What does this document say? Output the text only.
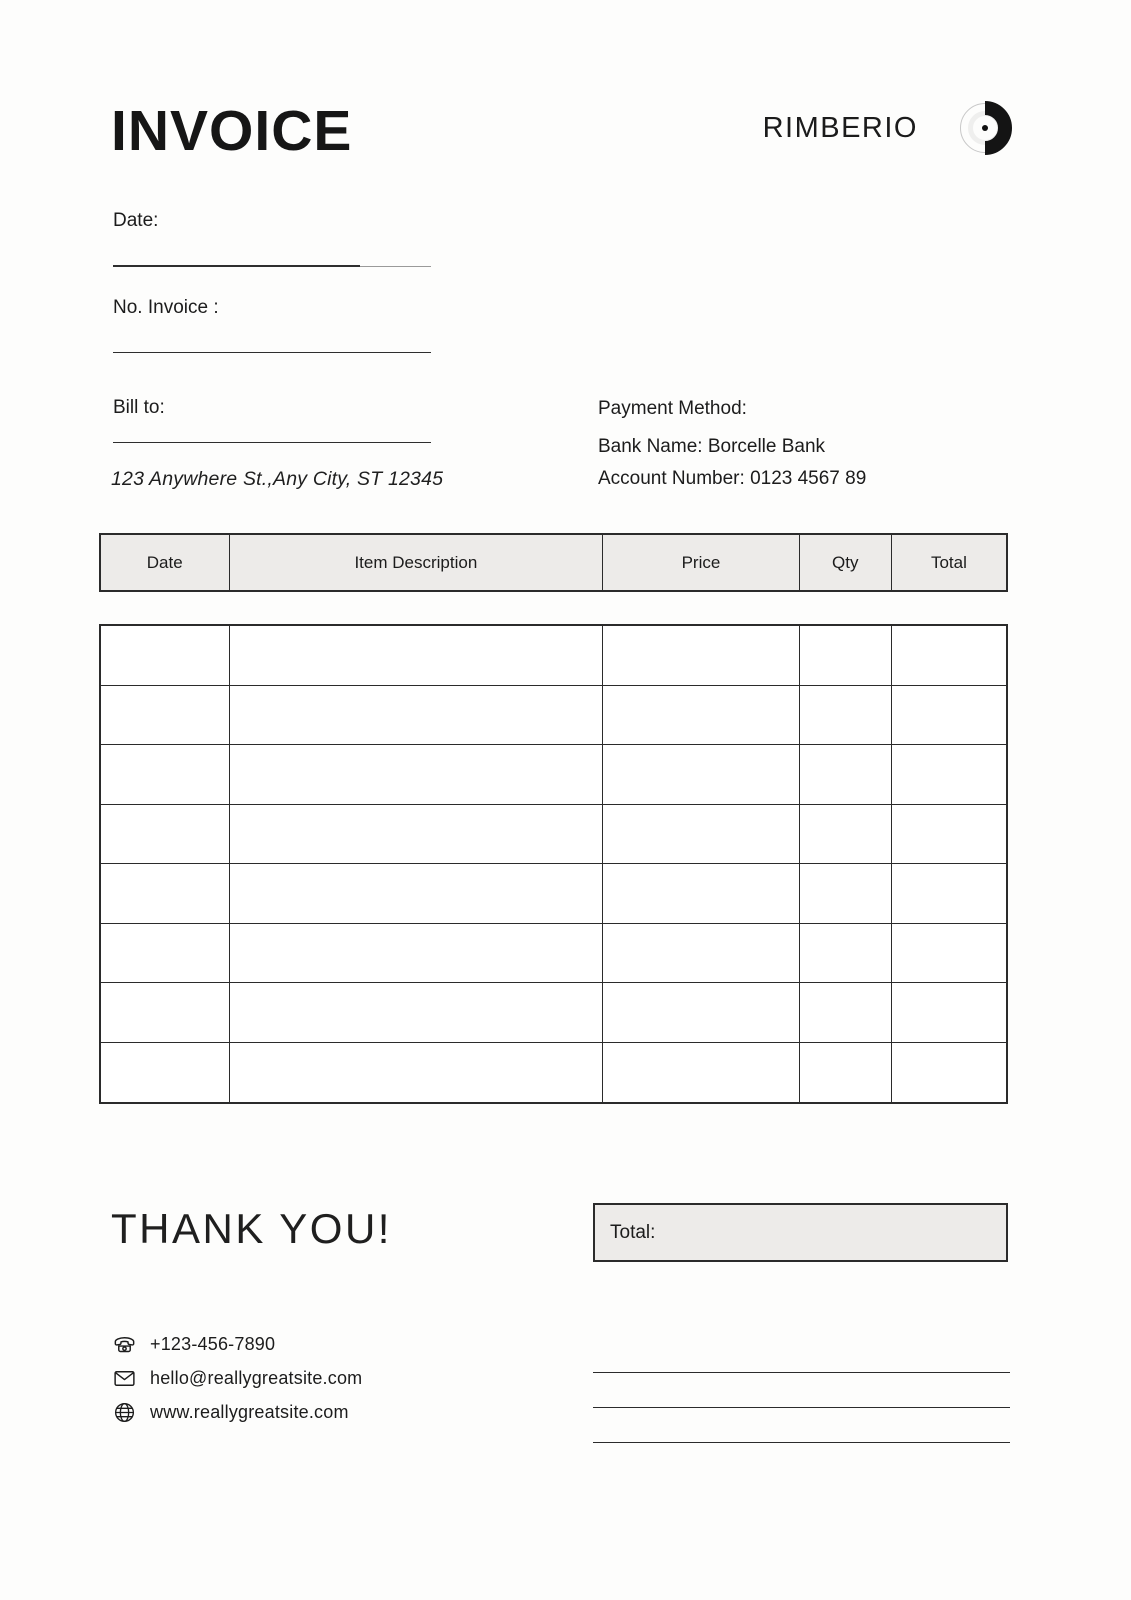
INVOICE	RIMBERIO
Date:
No. Invoice :
Bill to:
123 Anywhere St.,Any City, ST 12345
Payment Method:
Bank Name: Borcelle Bank
Account Number: 0123 4567 89
Date	Item Description	Price	Qty	Total
THANK YOU!	Total:
+123-456-7890
hello@reallygreatsite.com
www.reallygreatsite.com
